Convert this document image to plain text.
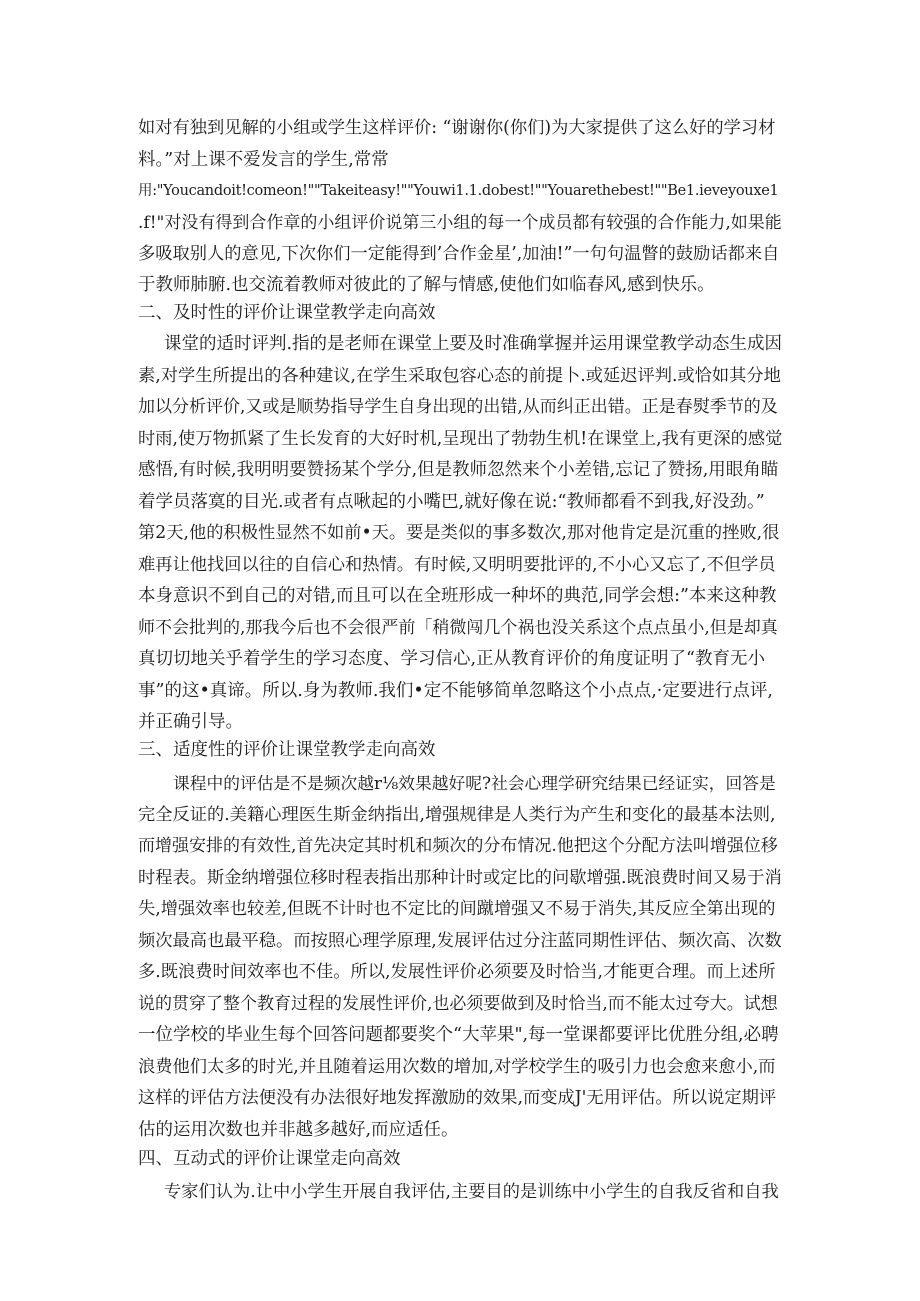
如对有独到见解的小组或学生这样评价: “谢谢你(你们)为大家提供了这么好的学习材
料。”对上课不爱发言的学生,常常
用:"Youcandoit!comeon!""Takeiteasy!""Youwi1.1.dobest!""Youarethebest!""Be1.ieveyouxe1
.f!"对没有得到合作章的小组评价说第三小组的每一个成员都有较强的合作能力,如果能
多吸取别人的意见,下次你们一定能得到’合作金星’,加油!”一句句温瞥的鼓励话都来自
于教师肺腑.也交流着教师对彼此的了解与情感,使他们如临春风,感到快乐。
二、及时性的评价让课堂教学走向高效
课堂的适时评判.指的是老师在课堂上要及时准确掌握并运用课堂教学动态生成因
素,对学生所提出的各种建议,在学生采取包容心态的前提卜.或延迟评判.或恰如其分地
加以分析评价,又或是顺势指导学生自身出现的出错,从而纠正出错。正是春熨季节的及
时雨,使万物抓紧了生长发育的大好时机,呈现出了勃勃生机!在课堂上,我有更深的感觉
感悟,有时候,我明明要赞扬某个学分,但是教师忽然来个小差错,忘记了赞扬,用眼角瞄
着学员落寞的目光.或者有点啾起的小嘴巴,就好像在说:“教师都看不到我,好没劲。”
第2天,他的积极性显然不如前•天。要是类似的事多数次,那对他肯定是沉重的挫败,很
难再让他找回以往的自信心和热情。有时候,又明明要批评的,不小心又忘了,不但学员
本身意识不到自己的对错,而且可以在全班形成一种坏的典范,同学会想:”本来这种教
师不会批判的,那我今后也不会很严前「稍微闯几个祸也没关系这个点点虽小,但是却真
真切切地关乎着学生的学习态度、学习信心,正从教育评价的角度证明了“教育无小
事”的这•真谛。所以.身为教师.我们•定不能够简单忽略这个小点点,·定要进行点评,
并正确引导。
三、适度性的评价让课堂教学走向高效
课程中的评估是不是频次越r⅛效果越好呢?社会心理学研究结果已经证实，回答是
完全反证的.美籍心理医生斯金纳指出,增强规律是人类行为产生和变化的最基本法则,
而增强安排的有效性,首先决定其时机和频次的分布情况.他把这个分配方法叫增强位移
时程表。斯金纳增强位移时程表指出那种计时或定比的问歇增强.既浪费时间又易于消
失,增强效率也较差,但既不计时也不定比的间蹴增强又不易于消失,其反应全第出现的
频次最高也最平稳。而按照心理学原理,发展评估过分注蓝同期性评估、频次高、次数
多.既浪费时间效率也不佳。所以,发展性评价必须要及时恰当,才能更合理。而上述所
说的贯穿了整个教育过程的发展性评价,也必须要做到及时恰当,而不能太过夸大。试想
一位学校的毕业生每个回答问题都要奖个“大苹果",每一堂课都要评比优胜分组,必聘
浪费他们太多的时光,并且随着运用次数的增加,对学校学生的吸引力也会愈来愈小,而
这样的评估方法便没有办法很好地发挥激励的效果,而变成J'无用评估。所以说定期评
估的运用次数也并非越多越好,而应适任。
四、互动式的评价让课堂走向高效
专家们认为.让中小学生开展自我评估,主要目的是训练中小学生的自我反省和自我
